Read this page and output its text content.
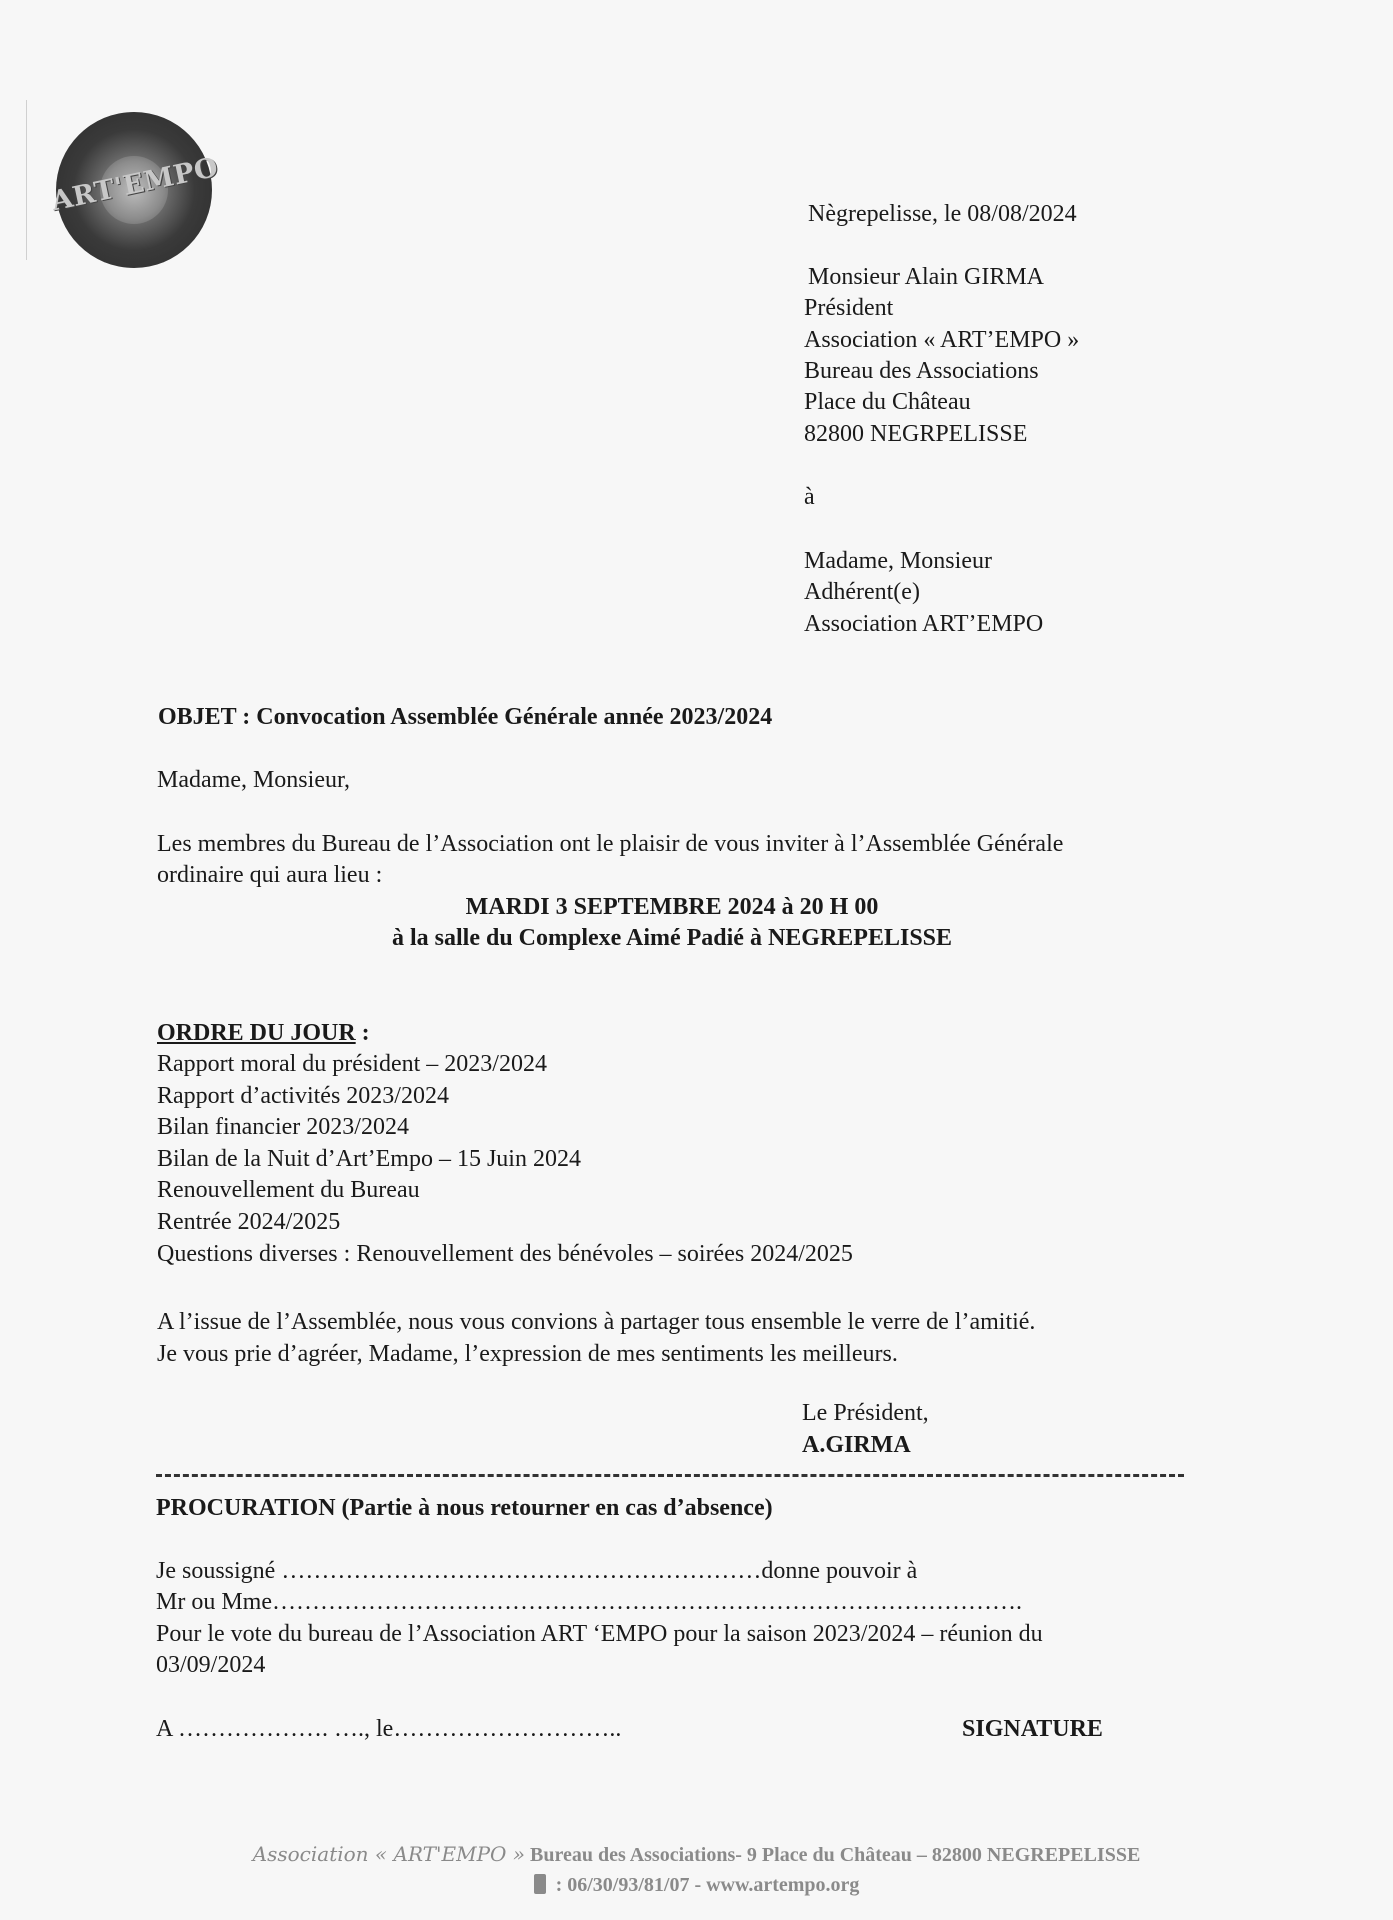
ART'EMPO	Nègrepelisse, le 08/08/2024
Monsieur Alain GIRMA
Président
Association « ART’EMPO »
Bureau des Associations
Place du Château
82800 NEGRPELISSE
à
Madame, Monsieur
Adhérent(e)
Association ART’EMPO
OBJET : Convocation Assemblée Générale année 2023/2024
Madame, Monsieur,
Les membres du Bureau de l’Association ont le plaisir de vous inviter à l’Assemblée Générale
ordinaire qui aura lieu :
MARDI 3 SEPTEMBRE 2024 à 20 H 00
à la salle du Complexe Aimé Padié à NEGREPELISSE
ORDRE DU JOUR :
Rapport moral du président – 2023/2024
Rapport d’activités 2023/2024
Bilan financier 2023/2024
Bilan de la Nuit d’Art’Empo – 15 Juin 2024
Renouvellement du Bureau
Rentrée 2024/2025
Questions diverses : Renouvellement des bénévoles – soirées 2024/2025
A l’issue de l’Assemblée, nous vous convions à partager tous ensemble le verre de l’amitié.
Je vous prie d’agréer, Madame, l’expression de mes sentiments les meilleurs.
Le Président,
A.GIRMA
PROCURATION (Partie à nous retourner en cas d’absence)
Je soussigné ……………………………………………………donne pouvoir à
Mr ou Mme………………………………………………………………………………….
Pour le vote du bureau de l’Association ART ‘EMPO pour la saison 2023/2024 – réunion du
03/09/2024
A ………………. …., le………………………..	SIGNATURE
Association « ART'EMPO » Bureau des Associations- 9 Place du Château – 82800 NEGREPELISSE
: 06/30/93/81/07 - www.artempo.org
